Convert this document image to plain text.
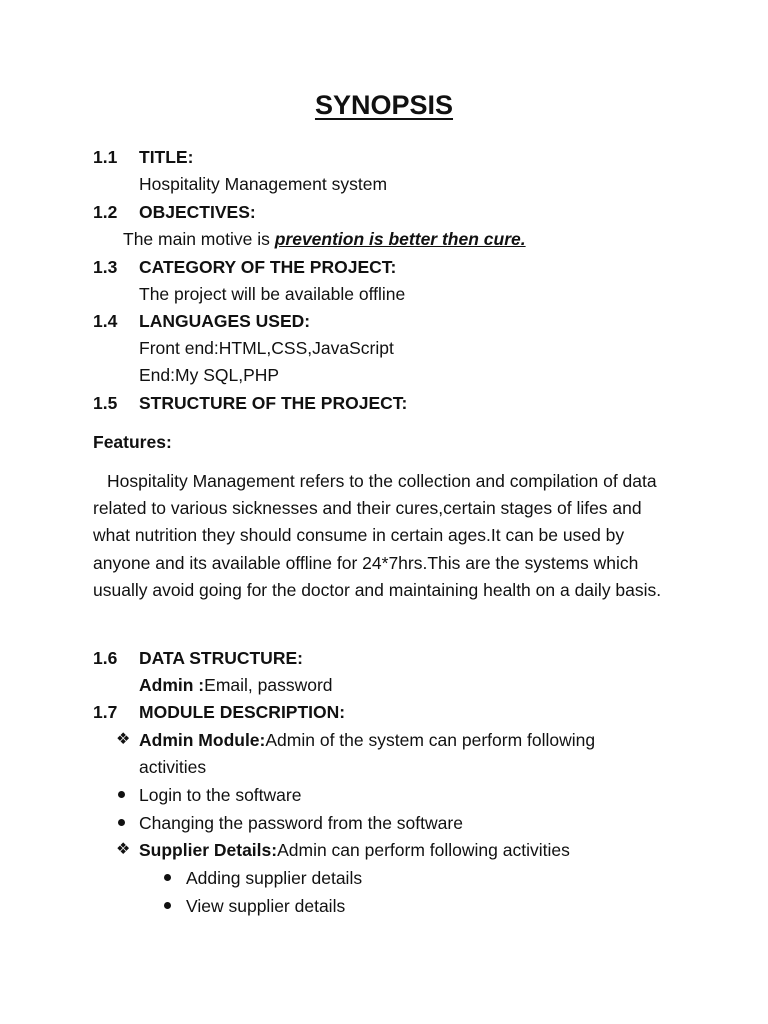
SYNOPSIS
1.1 TITLE:
Hospitality Management system
1.2 OBJECTIVES:
The main motive is prevention is better then cure.
1.3 CATEGORY OF THE PROJECT:
The project will be available offline
1.4 LANGUAGES USED:
Front end:HTML,CSS,JavaScript
End:My SQL,PHP
1.5 STRUCTURE OF THE PROJECT:
Features:
Hospitality Management refers to the collection and compilation of data related to various sicknesses and their cures,certain stages of lifes and what nutrition they should consume in certain ages.It can be used by anyone and its available offline for 24*7hrs.This are the systems which usually avoid going for the doctor and maintaining health on a daily basis.
1.6 DATA STRUCTURE:
Admin :Email, password
1.7 MODULE DESCRIPTION:
❖ Admin Module:Admin of the system can perform following
activities
Login to the software
Changing the password from the software
❖ Supplier Details:Admin can perform following activities
Adding supplier details
View supplier details
